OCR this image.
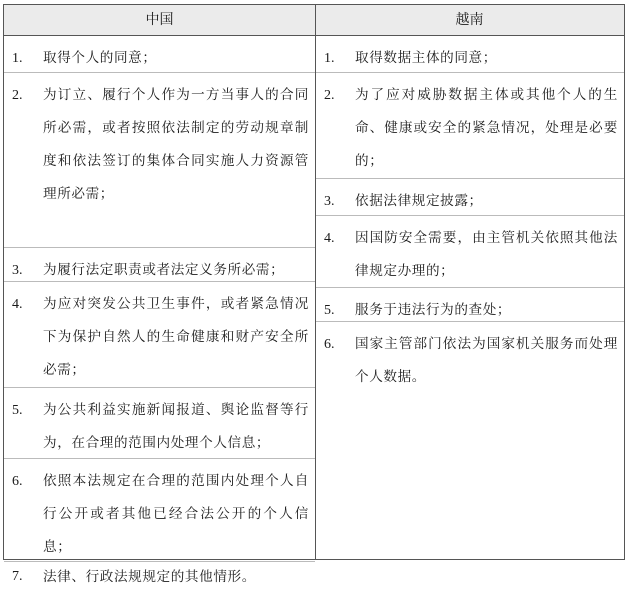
中国	越南
1. 取得个人的同意；
2. 为订立、履行个人作为一方当事人的合同所必需，或者按照依法制定的劳动规章制度和依法签订的集体合同实施人力资源管理所必需；
3. 为履行法定职责或者法定义务所必需；
4. 为应对突发公共卫生事件，或者紧急情况下为保护自然人的生命健康和财产安全所必需；
5. 为公共利益实施新闻报道、舆论监督等行为，在合理的范围内处理个人信息；
6. 依照本法规定在合理的范围内处理个人自行公开或者其他已经合法公开的个人信息；
7. 法律、行政法规规定的其他情形。
1. 取得数据主体的同意；
2. 为了应对威胁数据主体或其他个人的生命、健康或安全的紧急情况，处理是必要的；
3. 依据法律规定披露；
4. 因国防安全需要，由主管机关依照其他法律规定办理的；
5. 服务于违法行为的查处；
6. 国家主管部门依法为国家机关服务而处理个人数据。
